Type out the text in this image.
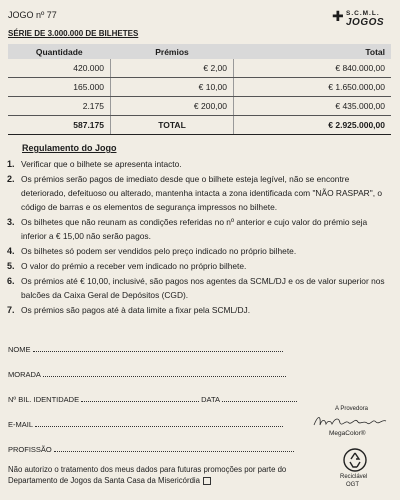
JOGO nº 77	✚ S.C.M.L.
JOGOS
SÉRIE DE 3.000.000 DE BILHETES
Quantidade	Prémios	Total
420.000	€ 2,00	€ 840.000,00
165.000	€ 10,00	€ 1.650.000,00
2.175	€ 200,00	€ 435.000,00
587.175	TOTAL	€ 2.925.000,00
Regulamento do Jogo
1. Verificar que o bilhete se apresenta intacto.
2. Os prémios serão pagos de imediato desde que o bilhete esteja legível, não se encontre deteriorado, defeituoso ou alterado, mantenha intacta a zona identificada com "NÃO RASPAR", o código de barras e os elementos de segurança impressos no bilhete.
3. Os bilhetes que não reunam as condições referidas no nº anterior e cujo valor do prémio seja inferior a € 15,00 não serão pagos.
4. Os bilhetes só podem ser vendidos pelo preço indicado no próprio bilhete.
5. O valor do prémio a receber vem indicado no próprio bilhete.
6. Os prémios até € 10,00, inclusivé, são pagos nos agentes da SCML/DJ e os de valor superior nos balcões da Caixa Geral de Depósitos (CGD).
7. Os prémios são pagos até à data limite a fixar pela SCML/DJ.
NOME
MORADA
Nº BIL. IDENTIDADE	DATA
E-MAIL
PROFISSÃO
A Provedora
MegaColor®
Reciclável
OGT
Não autorizo o tratamento dos meus dados para futuras promoções por parte do Departamento de Jogos da Santa Casa da Misericórdia
